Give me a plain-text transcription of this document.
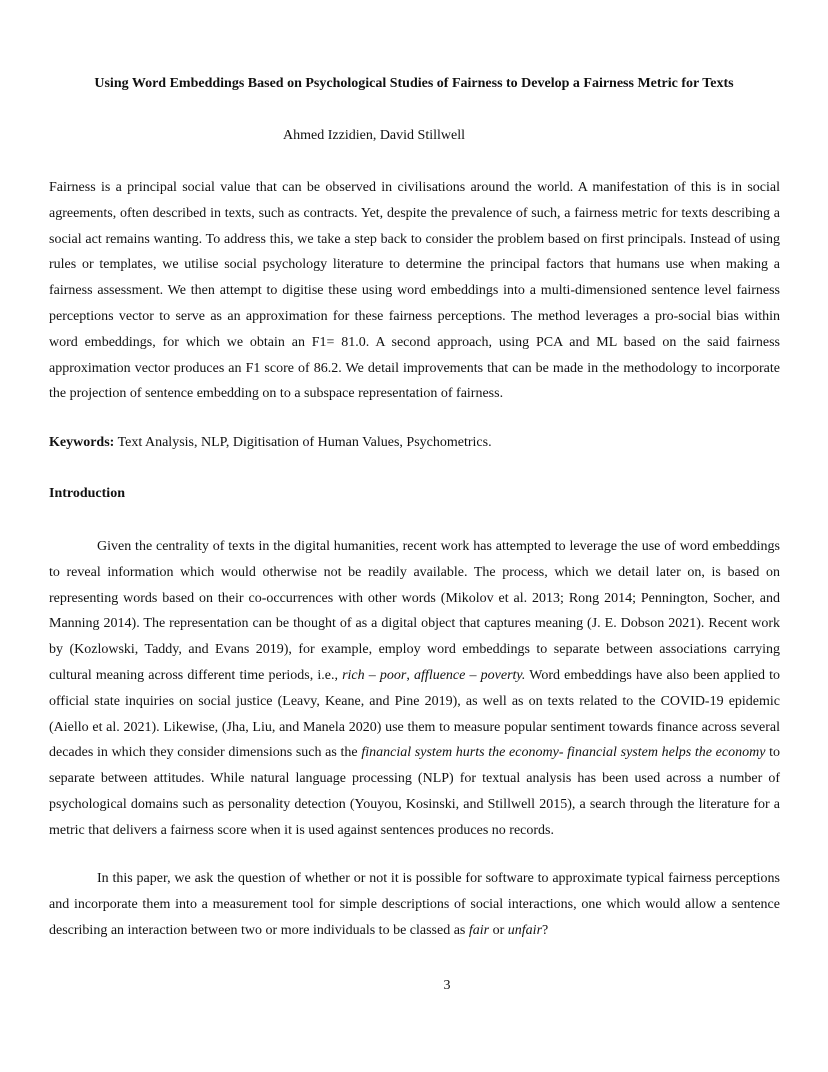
Using Word Embeddings Based on Psychological Studies of Fairness to Develop a Fairness Metric for Texts
Ahmed Izzidien, David Stillwell
Fairness is a principal social value that can be observed in civilisations around the world. A manifestation of this is in social agreements, often described in texts, such as contracts. Yet, despite the prevalence of such, a fairness metric for texts describing a social act remains wanting. To address this, we take a step back to consider the problem based on first principals. Instead of using rules or templates, we utilise social psychology literature to determine the principal factors that humans use when making a fairness assessment. We then attempt to digitise these using word embeddings into a multi-dimensioned sentence level fairness perceptions vector to serve as an approximation for these fairness perceptions. The method leverages a pro-social bias within word embeddings, for which we obtain an F1= 81.0. A second approach, using PCA and ML based on the said fairness approximation vector produces an F1 score of 86.2. We detail improvements that can be made in the methodology to incorporate the projection of sentence embedding on to a subspace representation of fairness.
Keywords: Text Analysis, NLP, Digitisation of Human Values, Psychometrics.
Introduction
Given the centrality of texts in the digital humanities, recent work has attempted to leverage the use of word embeddings to reveal information which would otherwise not be readily available. The process, which we detail later on, is based on representing words based on their co-occurrences with other words (Mikolov et al. 2013; Rong 2014; Pennington, Socher, and Manning 2014). The representation can be thought of as a digital object that captures meaning (J. E. Dobson 2021). Recent work by (Kozlowski, Taddy, and Evans 2019), for example, employ word embeddings to separate between associations carrying cultural meaning across different time periods, i.e., rich – poor, affluence – poverty. Word embeddings have also been applied to official state inquiries on social justice (Leavy, Keane, and Pine 2019), as well as on texts related to the COVID-19 epidemic (Aiello et al. 2021). Likewise, (Jha, Liu, and Manela 2020) use them to measure popular sentiment towards finance across several decades in which they consider dimensions such as the financial system hurts the economy- financial system helps the economy to separate between attitudes. While natural language processing (NLP) for textual analysis has been used across a number of psychological domains such as personality detection (Youyou, Kosinski, and Stillwell 2015), a search through the literature for a metric that delivers a fairness score when it is used against sentences produces no records.
In this paper, we ask the question of whether or not it is possible for software to approximate typical fairness perceptions and incorporate them into a measurement tool for simple descriptions of social interactions, one which would allow a sentence describing an interaction between two or more individuals to be classed as fair or unfair?
3
